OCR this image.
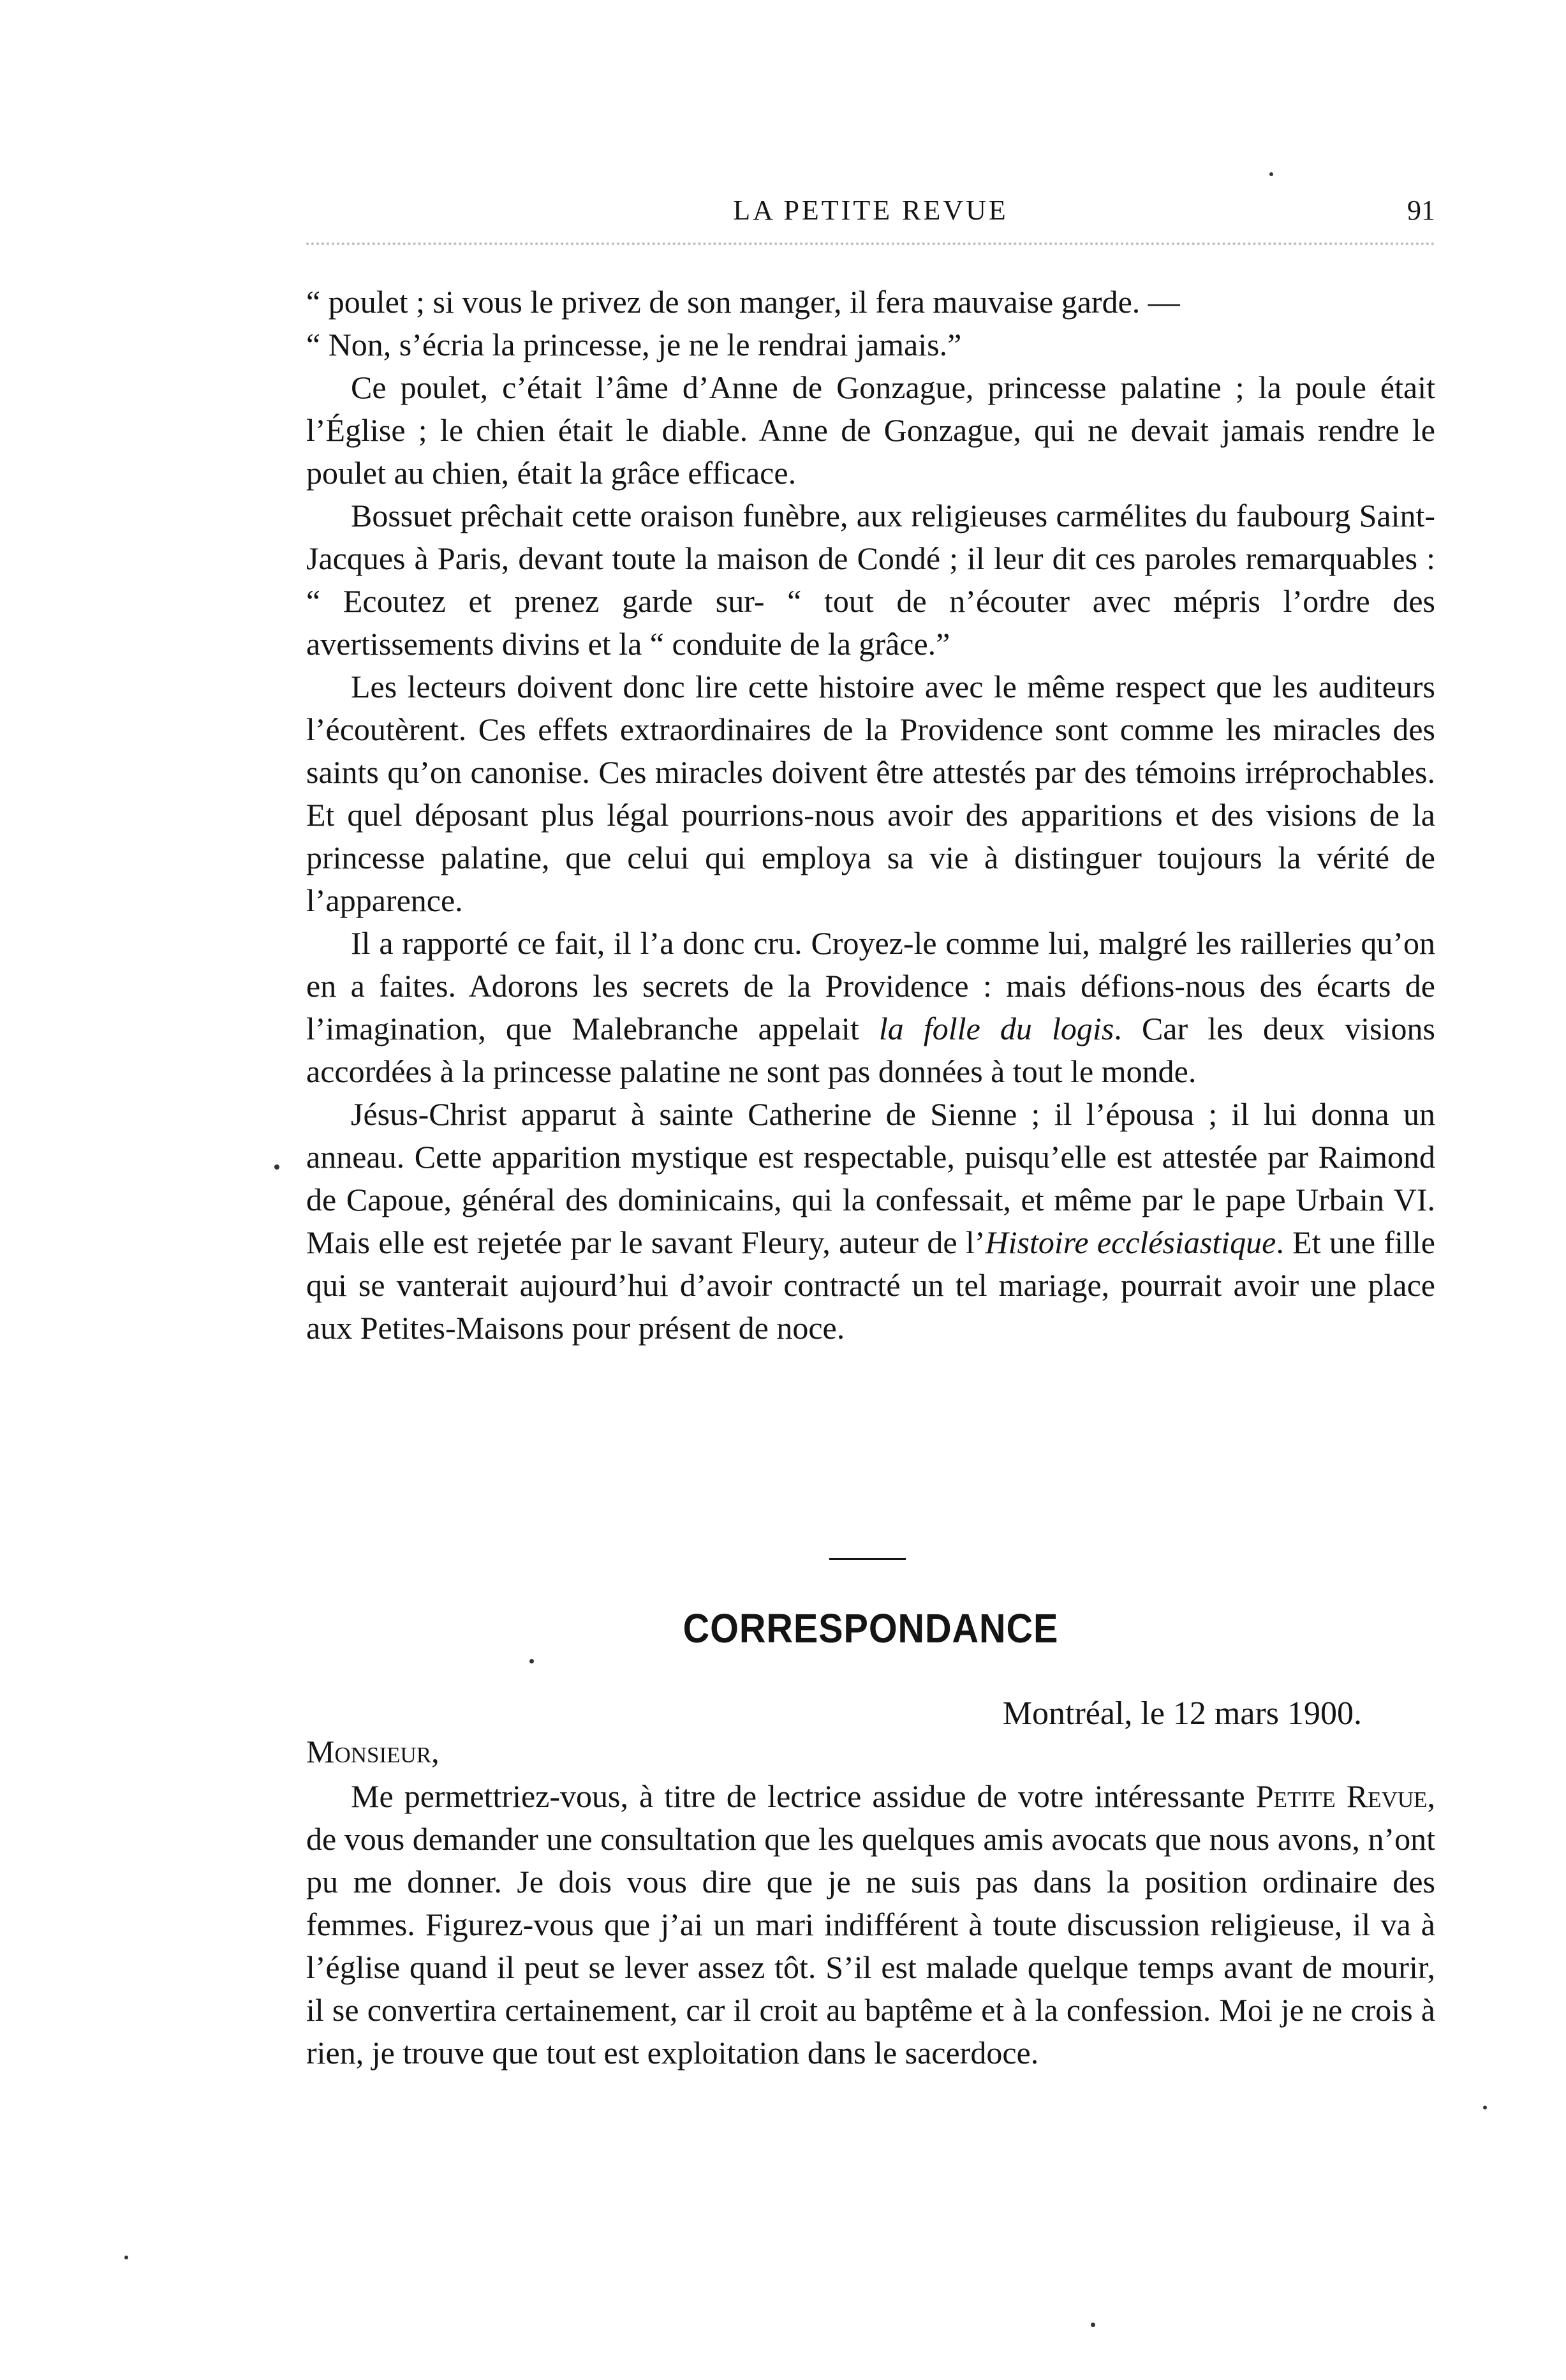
LA PETITE REVUE	91

“ poulet ; si vous le privez de son manger, il fera mauvaise garde. —
“ Non, s’écria la princesse, je ne le rendrai jamais.”

Ce poulet, c’était l’âme d’Anne de Gonzague, princesse palatine ; la poule était l’Église ; le chien était le diable. Anne de Gonzague, qui ne devait jamais rendre le poulet au chien, était la grâce efficace.

Bossuet prêchait cette oraison funèbre, aux religieuses carmélites du faubourg Saint-Jacques à Paris, devant toute la maison de Condé ; il leur dit ces paroles remarquables : “ Ecoutez et prenez garde sur- “ tout de n’écouter avec mépris l’ordre des avertissements divins et la “ conduite de la grâce.”

Les lecteurs doivent donc lire cette histoire avec le même respect que les auditeurs l’écoutèrent. Ces effets extraordinaires de la Providence sont comme les miracles des saints qu’on canonise. Ces miracles doivent être attestés par des témoins irréprochables. Et quel déposant plus légal pourrions-nous avoir des apparitions et des visions de la princesse palatine, que celui qui employa sa vie à distinguer toujours la vérité de l’apparence.

Il a rapporté ce fait, il l’a donc cru. Croyez-le comme lui, malgré les railleries qu’on en a faites. Adorons les secrets de la Providence : mais défions-nous des écarts de l’imagination, que Malebranche appelait la folle du logis. Car les deux visions accordées à la princesse palatine ne sont pas données à tout le monde.

Jésus-Christ apparut à sainte Catherine de Sienne ; il l’épousa ; il lui donna un anneau. Cette apparition mystique est respectable, puisqu’elle est attestée par Raimond de Capoue, général des dominicains, qui la confessait, et même par le pape Urbain VI. Mais elle est rejetée par le savant Fleury, auteur de l’Histoire ecclésiastique. Et une fille qui se vanterait aujourd’hui d’avoir contracté un tel mariage, pourrait avoir une place aux Petites-Maisons pour présent de noce.

CORRESPONDANCE
Montréal, le 12 mars 1900.
Monsieur,

Me permettriez-vous, à titre de lectrice assidue de votre intéressante Petite Revue, de vous demander une consultation que les quelques amis avocats que nous avons, n’ont pu me donner. Je dois vous dire que je ne suis pas dans la position ordinaire des femmes. Figurez-vous que j’ai un mari indifférent à toute discussion religieuse, il va à l’église quand il peut se lever assez tôt. S’il est malade quelque temps avant de mourir, il se convertira certainement, car il croit au baptême et à la confession. Moi je ne crois à rien, je trouve que tout est exploitation dans le sacerdoce.
